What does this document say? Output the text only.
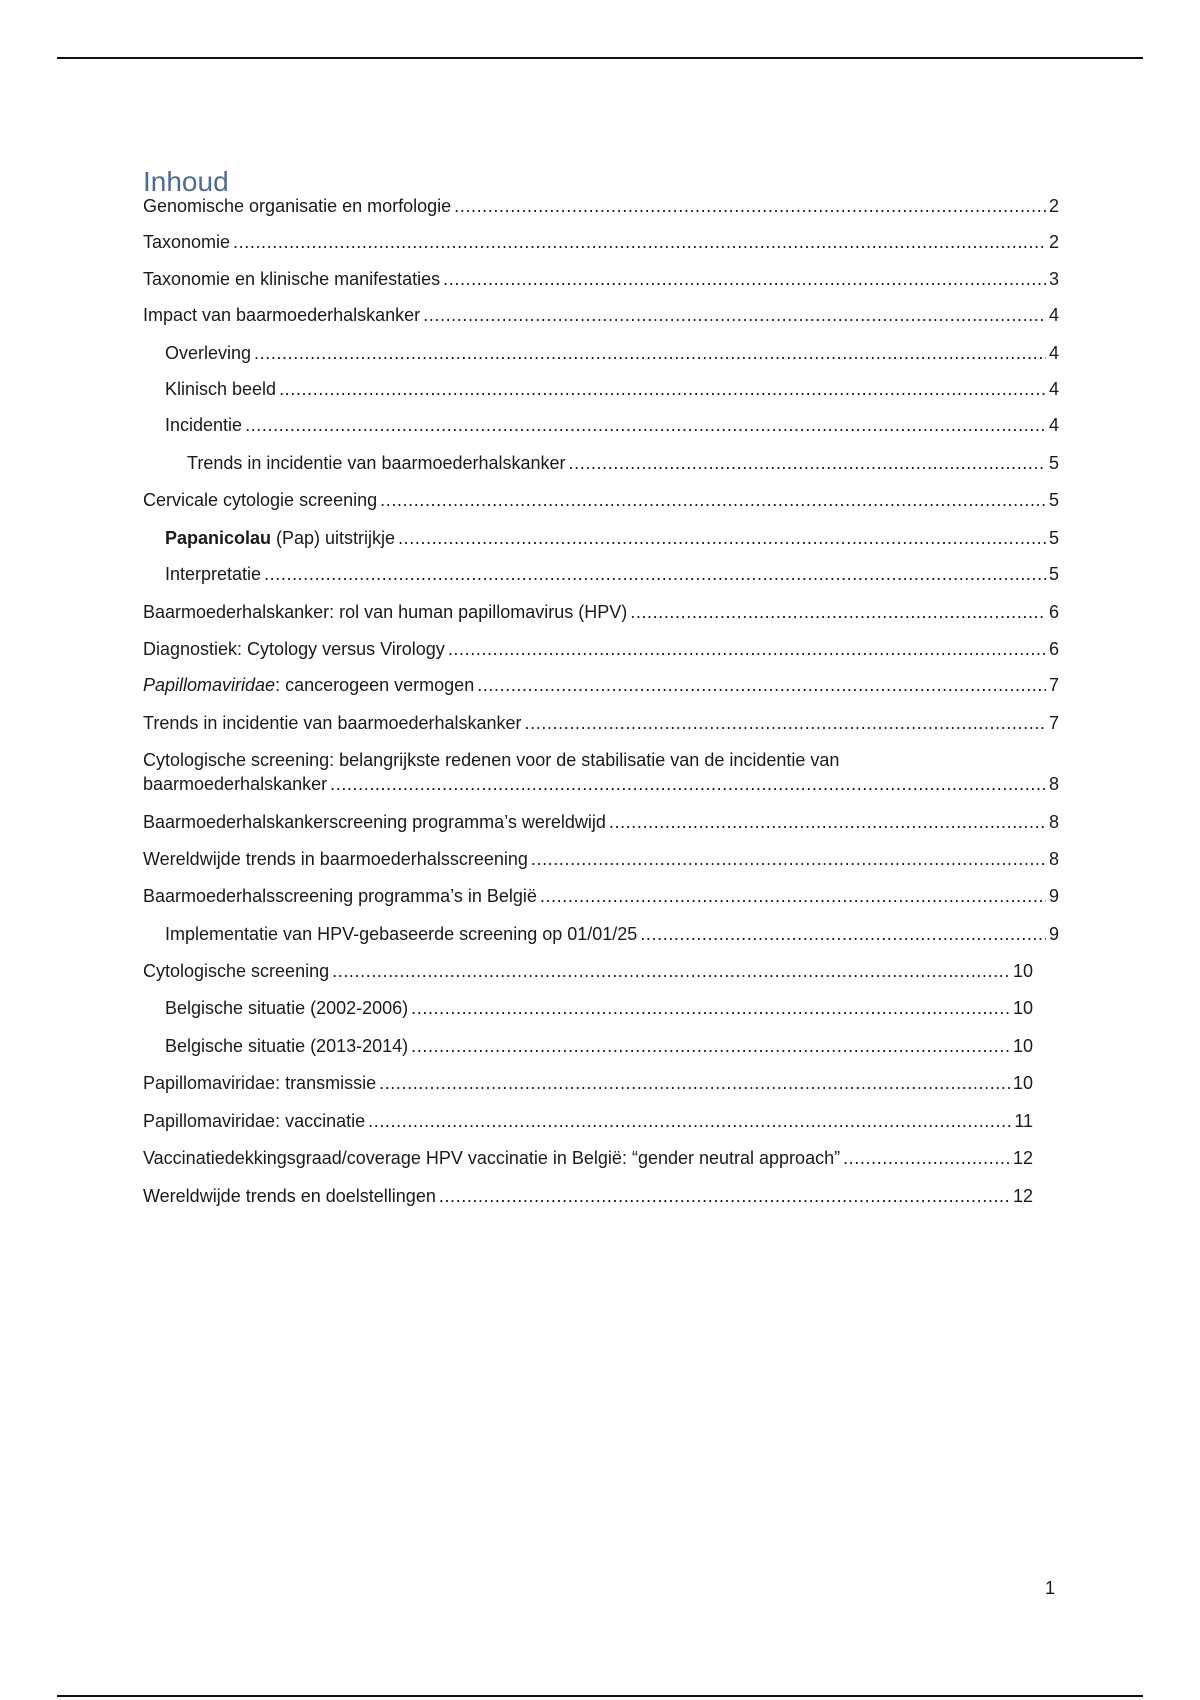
Inhoud
Genomische organisatie en morfologie . . .	2
Taxonomie . . .	2
Taxonomie en klinische manifestaties . . .	3
Impact van baarmoederhalskanker . . .	4
Overleving . . .	4
Klinisch beeld . . .	4
Incidentie . . .	4
Trends in incidentie van baarmoederhalskanker . . .	5
Cervicale cytologie screening . . .	5
Papanicolau (Pap) uitstrijkje . . .	5
Interpretatie . . .	5
Baarmoederhalskanker: rol van human papillomavirus (HPV) . . .	6
Diagnostiek: Cytology versus Virology . . .	6
Papillomaviridae: cancerogeen vermogen . . .	7
Trends in incidentie van baarmoederhalskanker . . .	7
Cytologische screening: belangrijkste redenen voor de stabilisatie van de incidentie van
baarmoederhalskanker . . .	8
Baarmoederhalskankerscreening programma’s wereldwijd . . .	8
Wereldwijde trends in baarmoederhalsscreening . . .	8
Baarmoederhalsscreening programma’s in België . . .	9
Implementatie van HPV-gebaseerde screening op 01/01/25 . . .	9
Cytologische screening . . .	10
Belgische situatie (2002-2006) . . .	10
Belgische situatie (2013-2014) . . .	10
Papillomaviridae: transmissie . . .	10
Papillomaviridae: vaccinatie . . .	11
Vaccinatiedekkingsgraad/coverage HPV vaccinatie in België: “gender neutral approach” . . .	12
Wereldwijde trends en doelstellingen . . .	12
1
